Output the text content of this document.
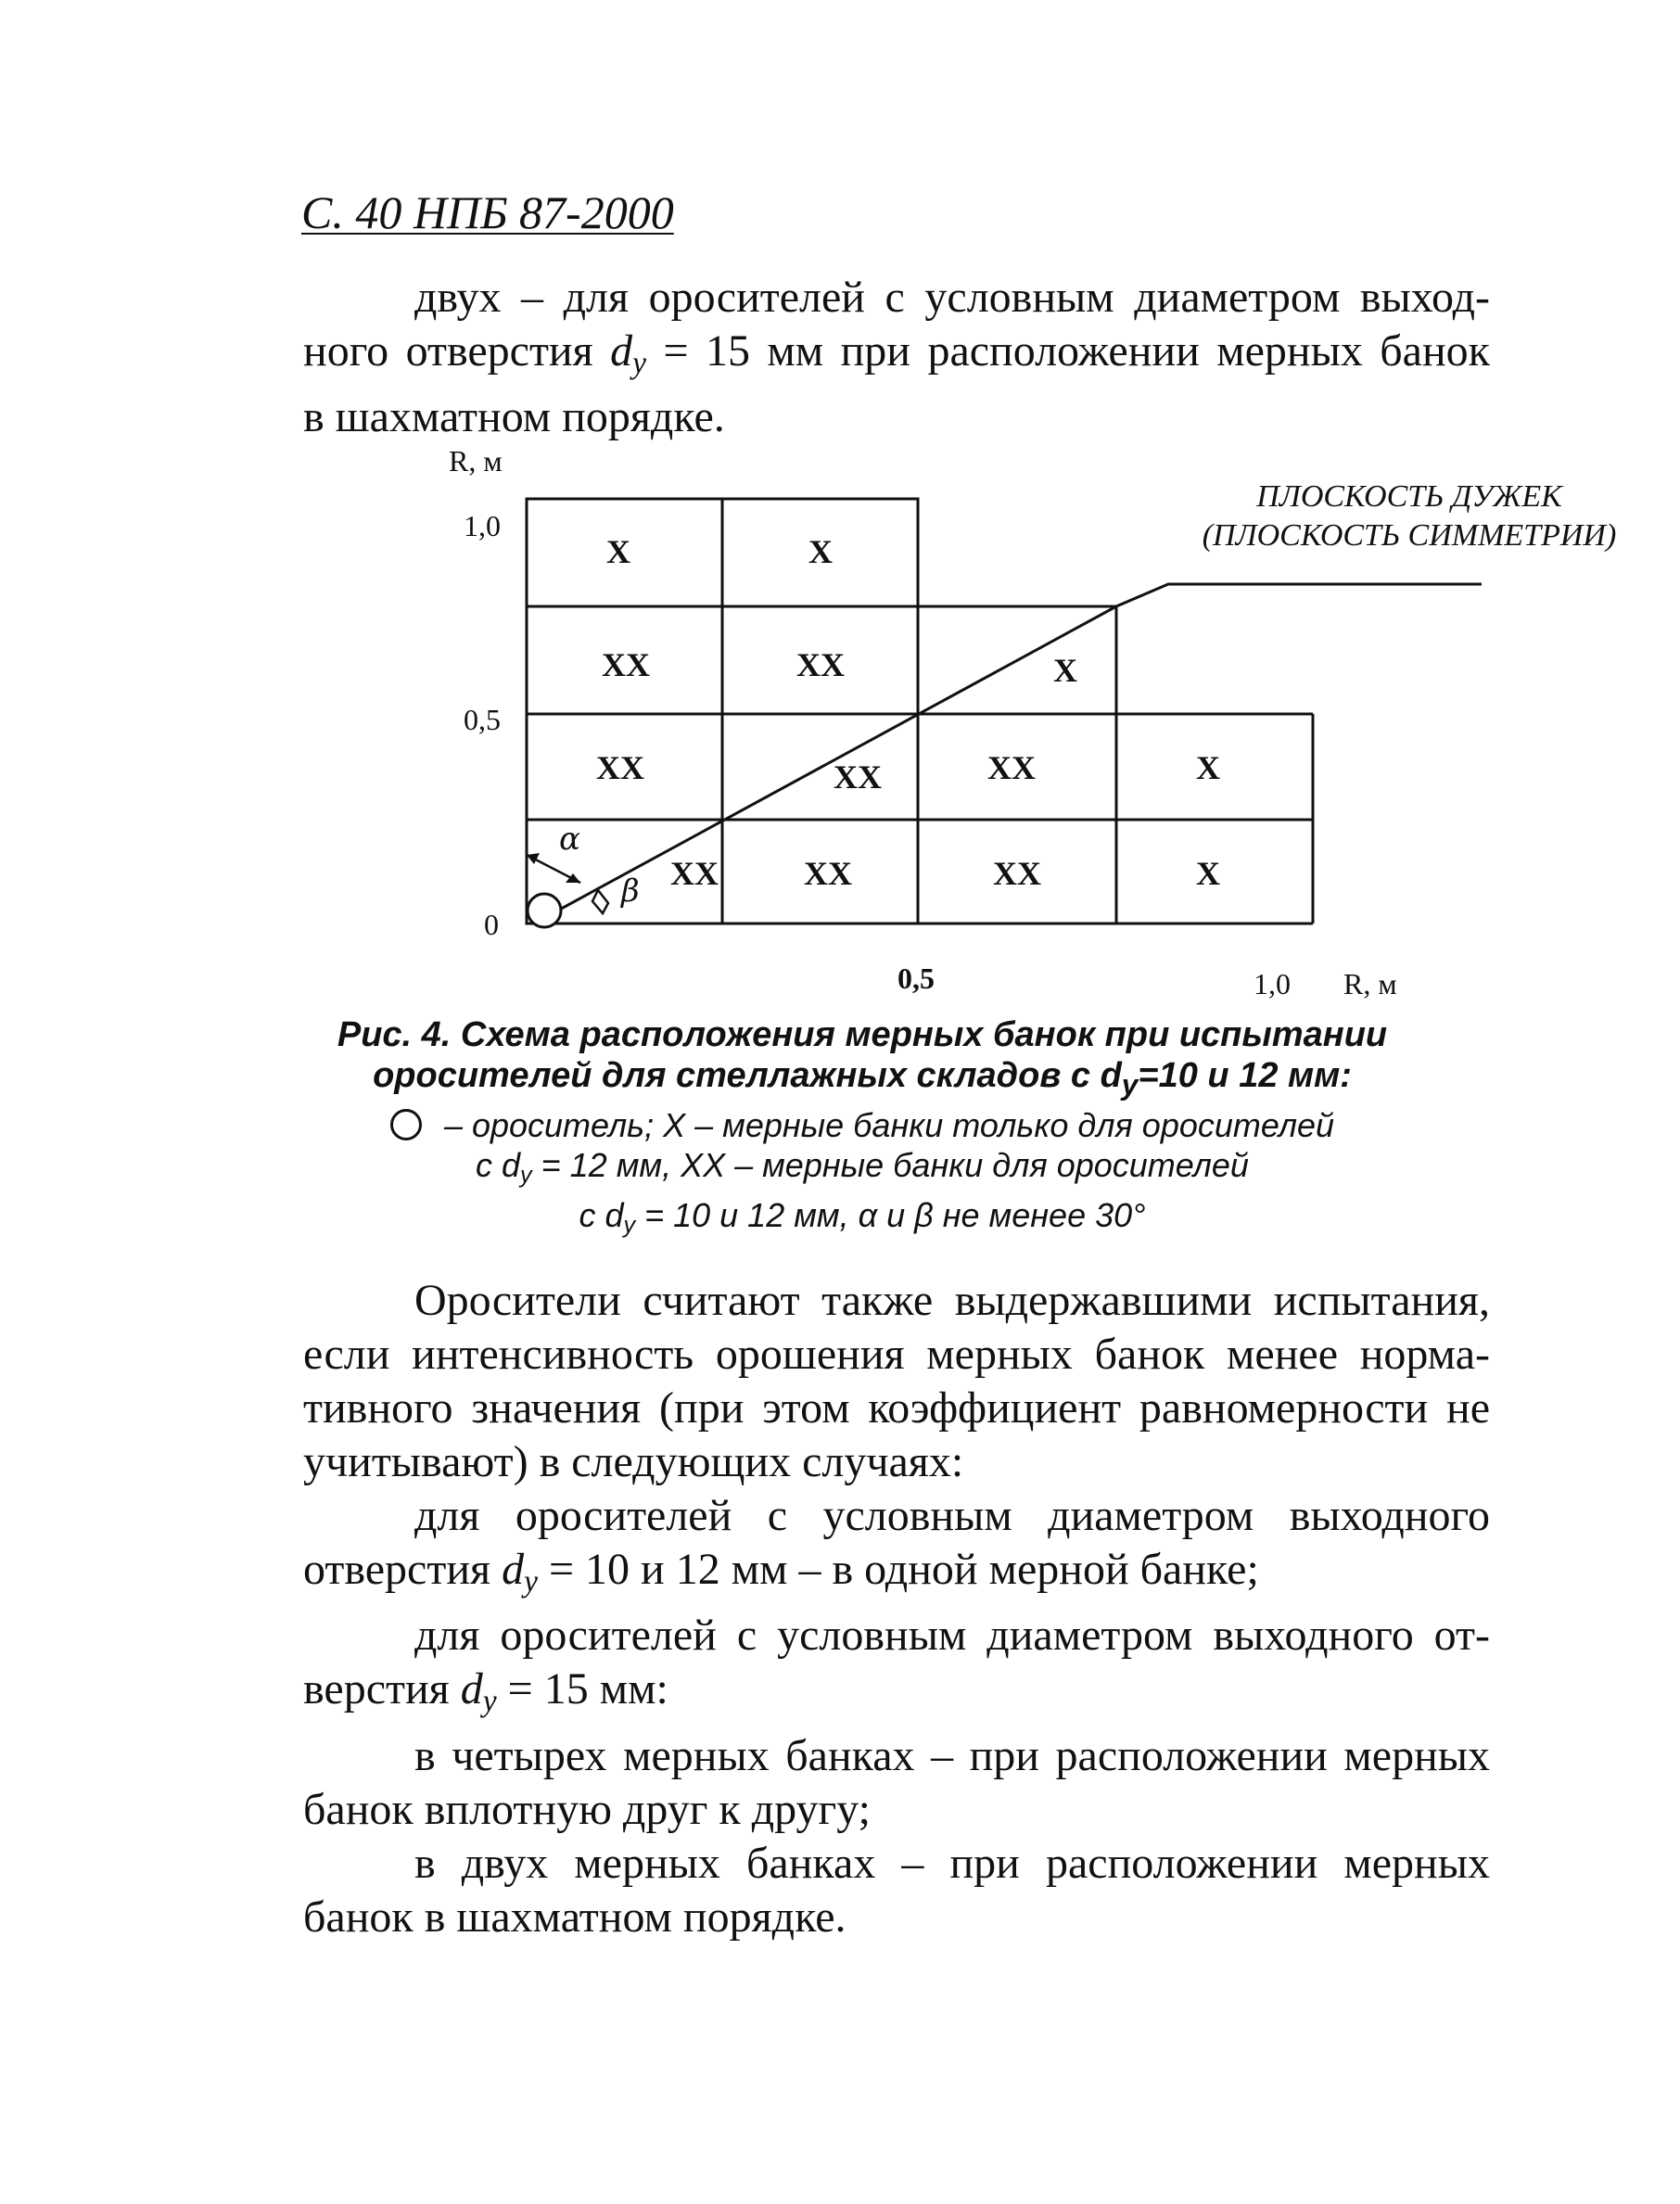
С. 40 НПБ 87-2000

двух – для оросителей с условным диаметром выход-

ного отверстия $d_y = 15$ мм при расположении мерных банок

в шахматном порядке.

α
β
X	X
XX	XX	X
XX	XX	XX	X
XX	XX	XX	X
R, м
1,0
0,5
0
0,5	1,0 R, м
ПЛОСКОСТЬ ДУЖЕК
(ПЛОСКОСТЬ СИММЕТРИИ)
Рис. 4. Схема расположения мерных банок при испытании
оросителей для стеллажных складов с $d_y=10$ и 12 мм:
– ороситель; X – мерные банки только для оросителей
с $d_y = 12$ мм, XX – мерные банки для оросителей
с $d_y = 10$ и 12 мм, α и β не менее 30°

Оросители считают также выдержавшими испытания, если интенсивность орошения мерных банок менее нормативного значения (при этом коэффициент равномерности не учитывают) в следующих случаях:

для оросителей с условным диаметром выходного отверстия $d_y = 10$ и 12 мм – в одной мерной банке;

для оросителей с условным диаметром выходного отверстия $d_y = 15$ мм:

в четырех мерных банках – при расположении мерных банок вплотную друг к другу;

в двух мерных банках – при расположении мерных банок в шахматном порядке.
